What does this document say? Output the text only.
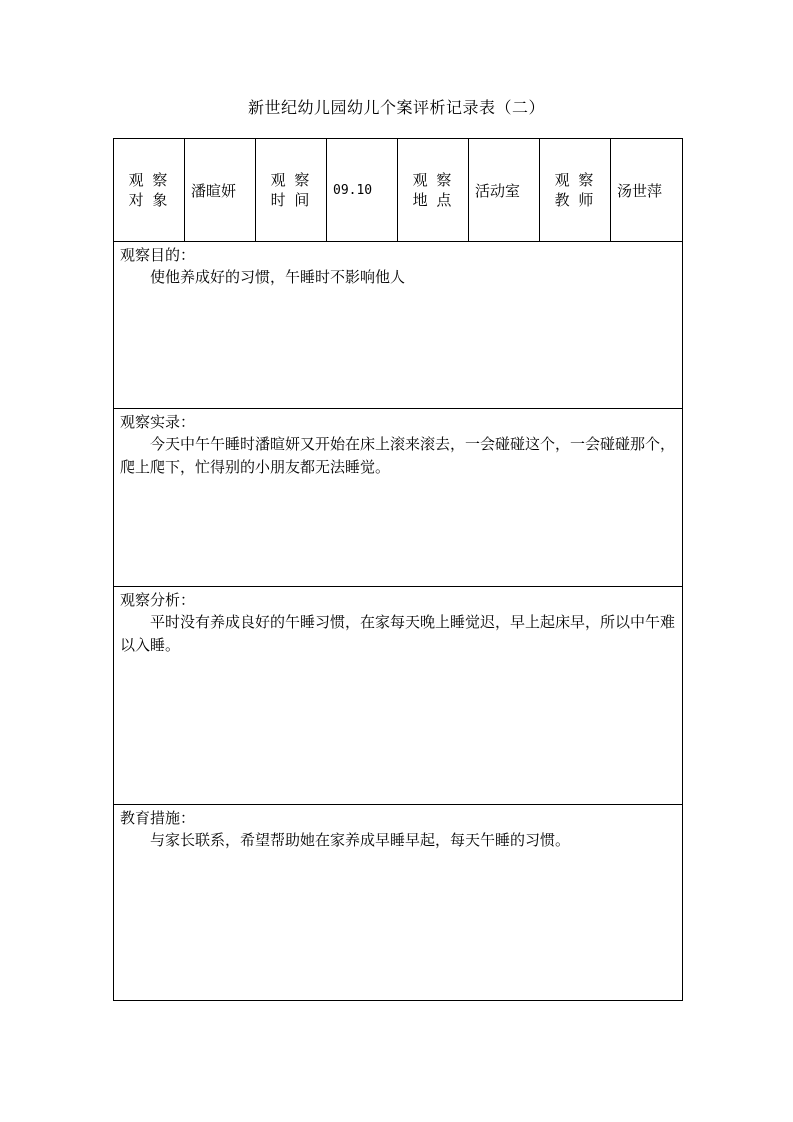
新世纪幼儿园幼儿个案评析记录表（二）
观 察
对 象
	潘暄妍	
观 察
时 间
	09.10	
观 察
地 点
	活动室	
观 察
教 师
	汤世萍

观察目的：
使他养成好的习惯，午睡时不影响他人

观察实录：
今天中午午睡时潘暄妍又开始在床上滚来滚去，一会碰碰这个，一会碰碰那个，爬上爬下，忙得别的小朋友都无法睡觉。

观察分析：
平时没有养成良好的午睡习惯，在家每天晚上睡觉迟，早上起床早，所以中午难以入睡。

教育措施：
与家长联系，希望帮助她在家养成早睡早起，每天午睡的习惯。
